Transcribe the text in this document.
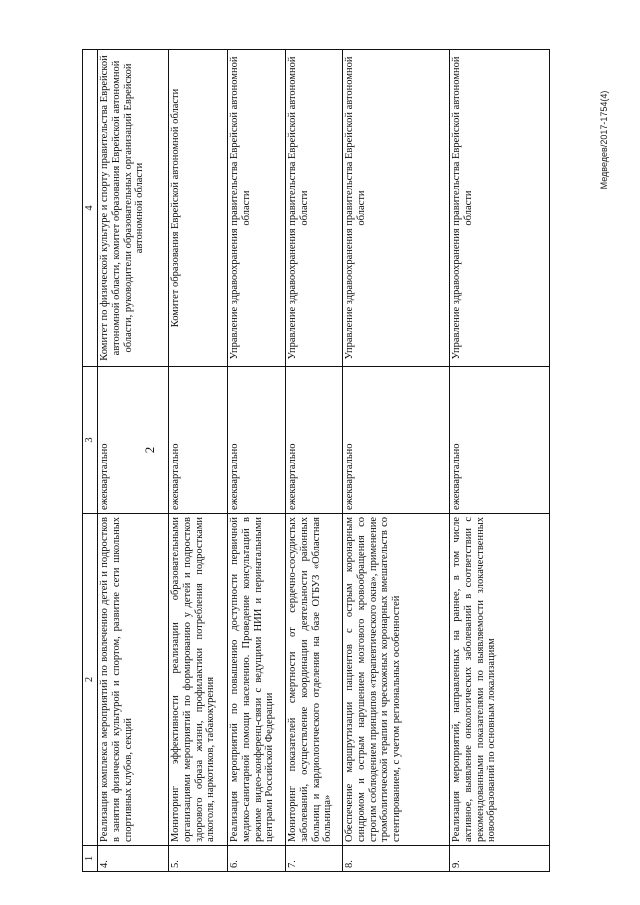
2
Медведев/2017-1754(4)
1	2	3	4
4.	Реализация комплекса мероприятий по вовлечению детей и подростков в занятия физической культурой и спортом, развитие сети школьных спортивных клубов, секций	ежеквартально	Комитет по физической культуре и спорту правительства Еврейской автономной области, комитет образования Еврейской автономной области, руководители образовательных организаций Еврейской автономной области
5.	Мониторинг эффективности реализации образовательными организациями мероприятий по формированию у детей и подростков здорового образа жизни, профилактики потребления подростками алкоголя, наркотиков, табакокурения	ежеквартально	Комитет образования Еврейской автономной области
6.	Реализация мероприятий по повышению доступности первичной медико-санитарной помощи населению. Проведение консультаций в режиме видео-конференц-связи с ведущими НИИ и перинатальными центрами Российской Федерации	ежеквартально	Управление здравоохранения правительства Еврейской автономной области
7.	Мониторинг показателей смертности от сердечно-сосудистых заболеваний, осуществление координации деятельности районных больниц и кардиологического отделения на базе ОГБУЗ «Областная больница»	ежеквартально	Управление здравоохранения правительства Еврейской автономной области
8.	Обеспечение маршрутизации пациентов с острым коронарным синдромом и острым нарушением мозгового кровообращения со строгим соблюдением принципов «терапевтического окна», применение тромболитической терапии и чрескожных коронарных вмешательств со стентированием, с учетом региональных особенностей	ежеквартально	Управление здравоохранения правительства Еврейской автономной области
9.	Реализация мероприятий, направленных на раннее, в том числе активное, выявление онкологических заболеваний в соответствии с рекомендованными показателями по выявляемости злокачественных новообразований по основным локализациям	ежеквартально	Управление здравоохранения правительства Еврейской автономной области
